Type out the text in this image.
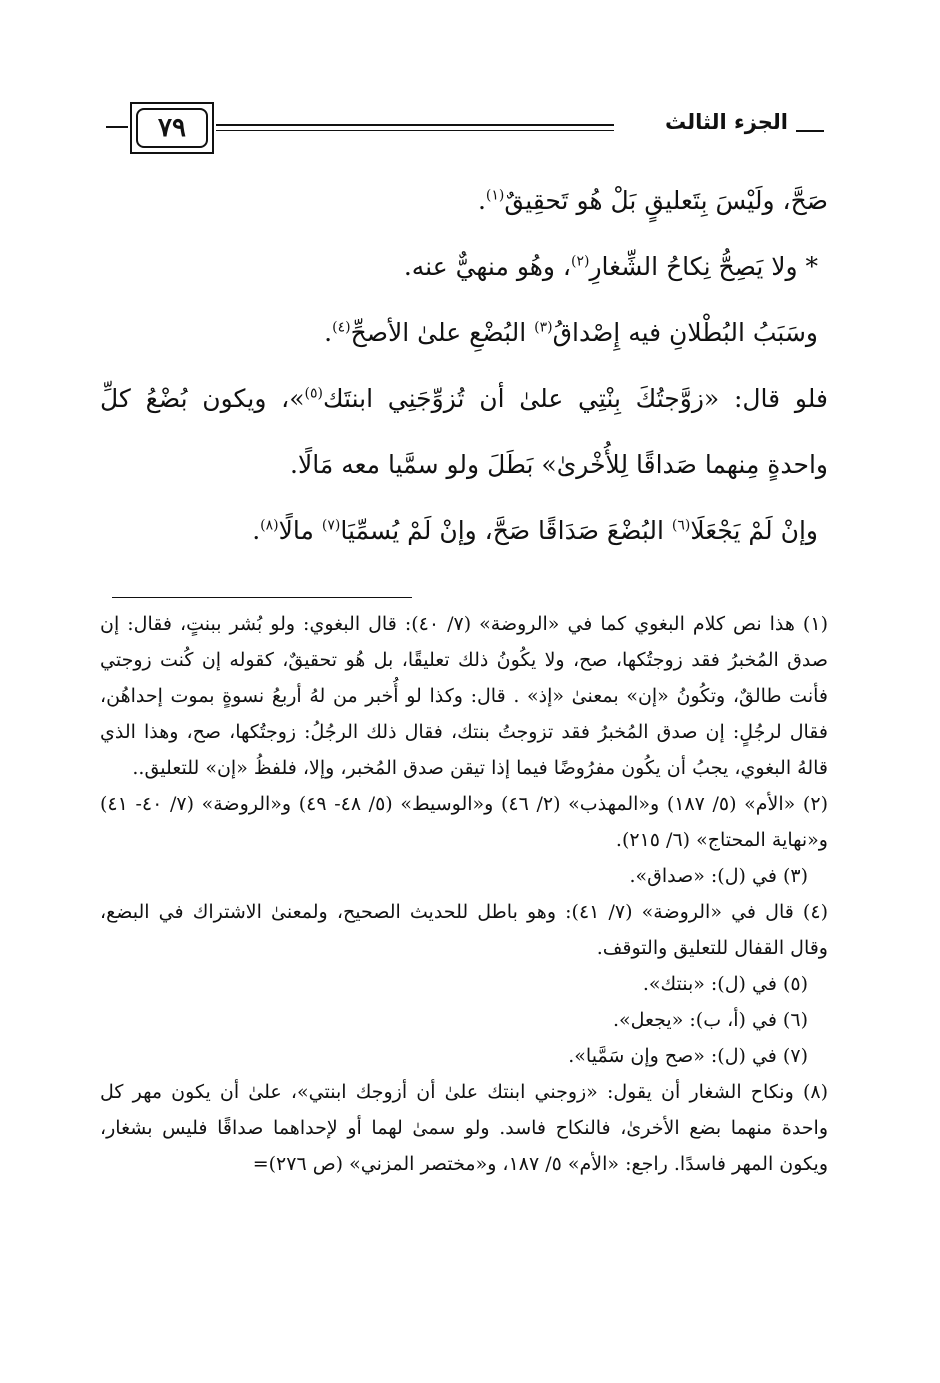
٧٩	الجزء الثالث

صَحَّ، ولَيْسَ بِتَعليقٍ بَلْ هُو تَحقِيقٌ$^{(١)}$.

* ولا يَصِحُّ نِكاحُ الشِّغارِ$^{(٢)}$، وهُو منهيٌّ عنه.

وسَبَبُ البُطْلانِ فيه إِصْداقُ$^{(٣)}$ البُضْعِ علىٰ الأصحِّ$^{(٤)}$.

فلو قال: «زوَّجتُكَ بِنْتِي علىٰ أن تُزوِّجَنِي ابنتَك$^{(٥)}$»، ويكون بُضْعُ كلِّ واحدةٍ مِنهما صَداقًا لِلأُخْرىٰ» بَطَلَ ولو سمَّيا معه مَالًا.

وإنْ لَمْ يَجْعَلَا$^{(٦)}$ البُضْعَ صَدَاقًا صَحَّ، وإنْ لَمْ يُسمِّيَا$^{(٧)}$ مالًا$^{(٨)}$.

(١) هذا نص كلام البغوي كما في «الروضة» (٧/ ٤٠): قال البغوي: ولو بُشر ببنتٍ، فقال: إن صدق المُخبرُ فقد زوجتُكها، صح، ولا يكُونُ ذلك تعليقًا، بل هُو تحقيقٌ، كقوله إن كُنت زوجتي فأنت طالقٌ، وتكُونُ «إن» بمعنىٰ «إذ» . قال: وكذا لو أُخبر من لهُ أربعُ نسوةٍ بموت إحداهُن، فقال لرجُلٍ: إن صدق المُخبرُ فقد تزوجتُ بنتك، فقال ذلك الرجُلُ: زوجتُكها، صح، وهذا الذي قالهُ البغوي، يجبُ أن يكُون مفرُوضًا فيما إذا تيقن صدق المُخبر، وإلا، فلفظُ «إن» للتعليق..

(٢) «الأم» (٥/ ١٨٧) و«المهذب» (٢/ ٤٦) و«الوسيط» (٥/ ٤٨- ٤٩) و«الروضة» (٧/ ٤٠- ٤١) و«نهاية المحتاج» (٦/ ٢١٥).

(٣) في (ل): «صداق».

(٤) قال في «الروضة» (٧/ ٤١): وهو باطل للحديث الصحيح، ولمعنىٰ الاشتراك في البضع، وقال القفال للتعليق والتوقف.

(٥) في (ل): «بنتك».

(٦) في (أ، ب): «يجعل».

(٧) في (ل): «صح وإن سَمَّيا».

(٨) ونكاح الشغار أن يقول: «زوجني ابنتك علىٰ أن أزوجك ابنتي»، علىٰ أن يكون مهر كل واحدة منهما بضع الأخرىٰ، فالنكاح فاسد. ولو سمىٰ لهما أو لإحداهما صداقًا فليس بشغار، ويكون المهر فاسدًا. راجع: «الأم» ٥/ ١٨٧، و«مختصر المزني» (ص ٢٧٦)=
